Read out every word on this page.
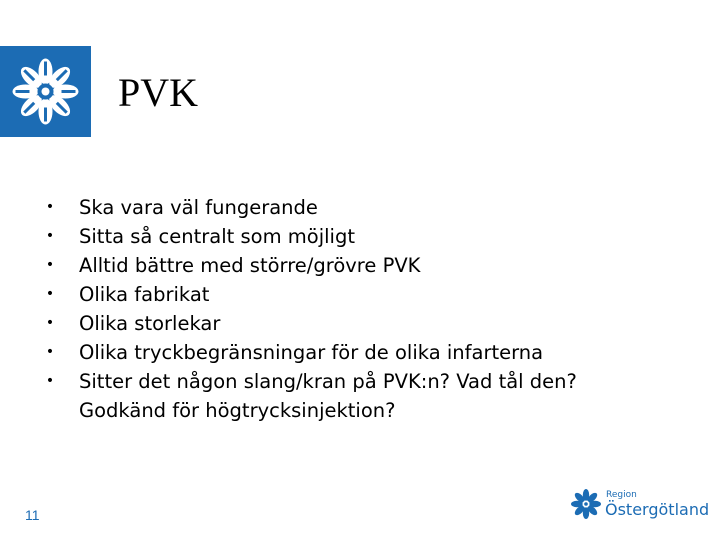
PVK
•	Ska vara väl fungerande
•	Sitta så centralt som möjligt
•	Alltid bättre med större/grövre PVK
•	Olika fabrikat
•	Olika storlekar
•	Olika tryckbegränsningar för de olika infarterna
•	Sitter det någon slang/kran på PVK:n? Vad tål den? Godkänd för högtrycksinjektion?
11
Region
Östergötland
